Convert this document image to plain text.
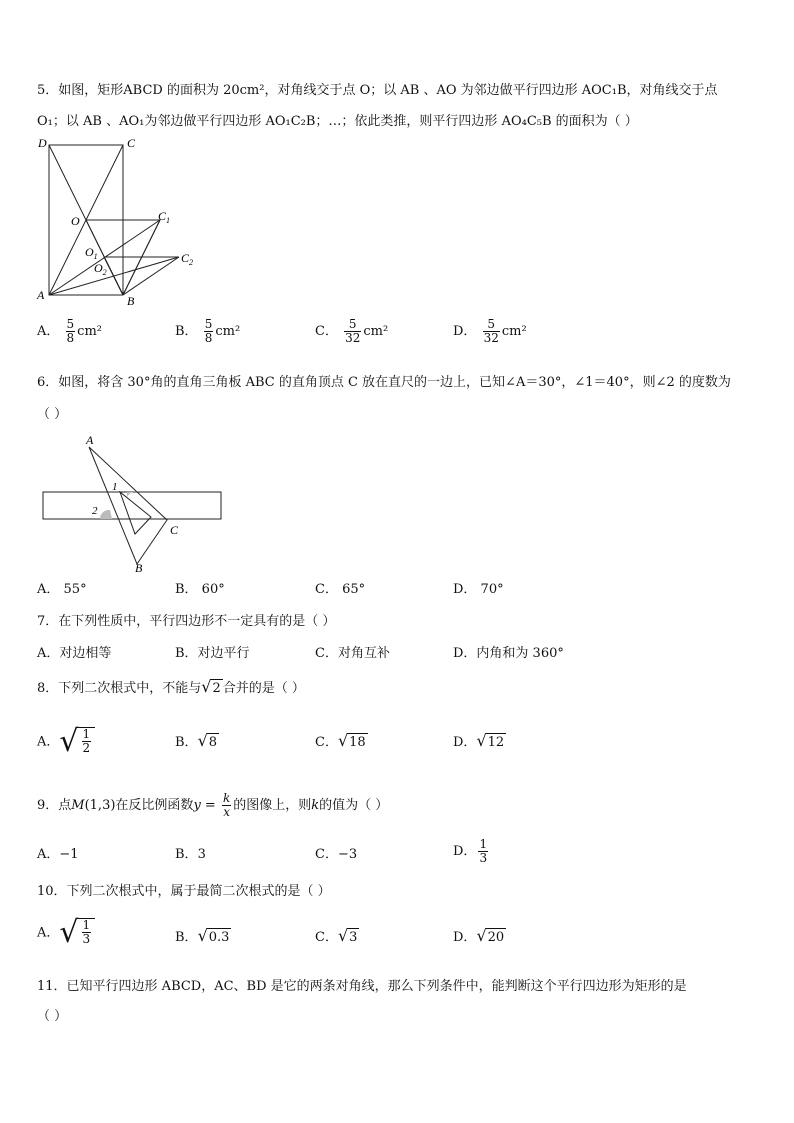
5．如图，矩形ABCD 的面积为 20cm²，对角线交于点 O；以 AB 、AO 为邻边做平行四边形 AOC₁B，对角线交于点
O₁；以 AB 、AO₁为邻边做平行四边形 AO₁C₂B；…；依此类推，则平行四边形 AO₄C₅B 的面积为（ ）
D	C
O	$C_1$
$O_1$
$O_2$
$C_2$
A	B
A． $\frac{5}{8} cm^2$	B． $\frac{5}{8} cm^2$	C． $\frac{5}{32} cm^2$	D． $\frac{5}{32} cm^2$
6．如图，将含 30°角的直角三角板 ABC 的直角顶点 C 放在直尺的一边上，已知∠A＝30°，∠1＝40°，则∠2 的度数为
（ ）
A
B
C
1
2
A． 55°	B． 60°	C． 65°	D． 70°
7．在下列性质中，平行四边形不一定具有的是（ ）
A．对边相等	B．对边平行	C．对角互补	D．内角和为 360°
8．下列二次根式中，不能与 √ 2 合并的是（ ）
A． √ $\frac{1}{2}$	B． √ 8	C． √ 18	D． √ 12
9．点M(1,3)在反比例函数$y = \frac{k}{x}$ 的图像上，则k的值为（ ）
A．−1	B．3	C．−3	D． $\frac{1}{3}$
10．下列二次根式中，属于最简二次根式的是（ ）
A． √ $\frac{1}{3}$	B． √ 0.3	C． √ 3	D． √ 20
11．已知平行四边形 ABCD，AC、BD 是它的两条对角线，那么下列条件中，能判断这个平行四边形为矩形的是
（ ）
